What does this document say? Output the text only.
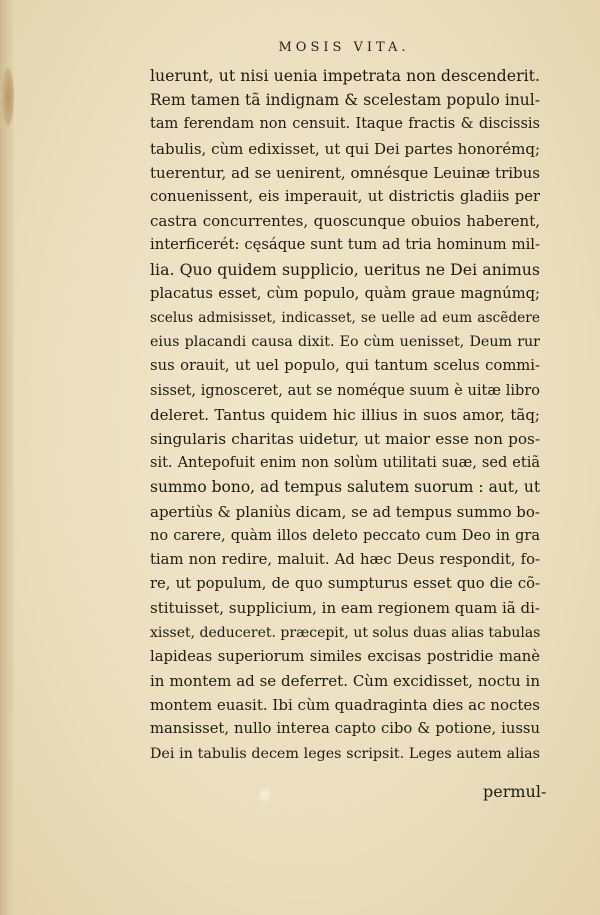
MOSIS VITA.
luerunt, ut nisi uenia impetrata non descenderit.
Rem tamen tã indignam & scelestam populo inul-
tam ferendam non censuit. Itaque fractis & discissis
tabulis, cùm edixisset, ut qui Dei partes honorémq;
tuerentur, ad se uenirent, omnésque Leuinæ tribus
conuenissent, eis imperauit, ut districtis gladiis per
castra concurrentes, quoscunque obuios haberent,
interficerét: cęsáque sunt tum ad tria hominum mil-
lia. Quo quidem supplicio, ueritus ne Dei animus
placatus esset, cùm populo, quàm graue magnúmq;
scelus admisisset, indicasset, se uelle ad eum ascẽdere
eius placandi causa dixit. Eo cùm uenisset, Deum rur
sus orauit, ut uel populo, qui tantum scelus commi-
sisset, ignosceret, aut se noméque suum è uitæ libro
deleret. Tantus quidem hic illius in suos amor, tãq;
singularis charitas uidetur, ut maior esse non pos-
sit. Antepofuit enim non solùm utilitati suæ, sed etiã
summo bono, ad tempus salutem suorum : aut, ut
apertiùs & planiùs dicam, se ad tempus summo bo-
no carere, quàm illos deleto peccato cum Deo in gra
tiam non redire, maluit. Ad hæc Deus respondit, fo-
re, ut populum, de quo sumpturus esset quo die cõ-
stituisset, supplicium, in eam regionem quam iã di-
xisset, deduceret. præcepit, ut solus duas alias tabulas
lapideas superiorum similes excisas postridie manè
in montem ad se deferret. Cùm excidisset, noctu in
montem euasit. Ibi cùm quadraginta dies ac noctes
mansisset, nullo interea capto cibo & potione, iussu
Dei in tabulis decem leges scripsit. Leges autem alias
permul-
